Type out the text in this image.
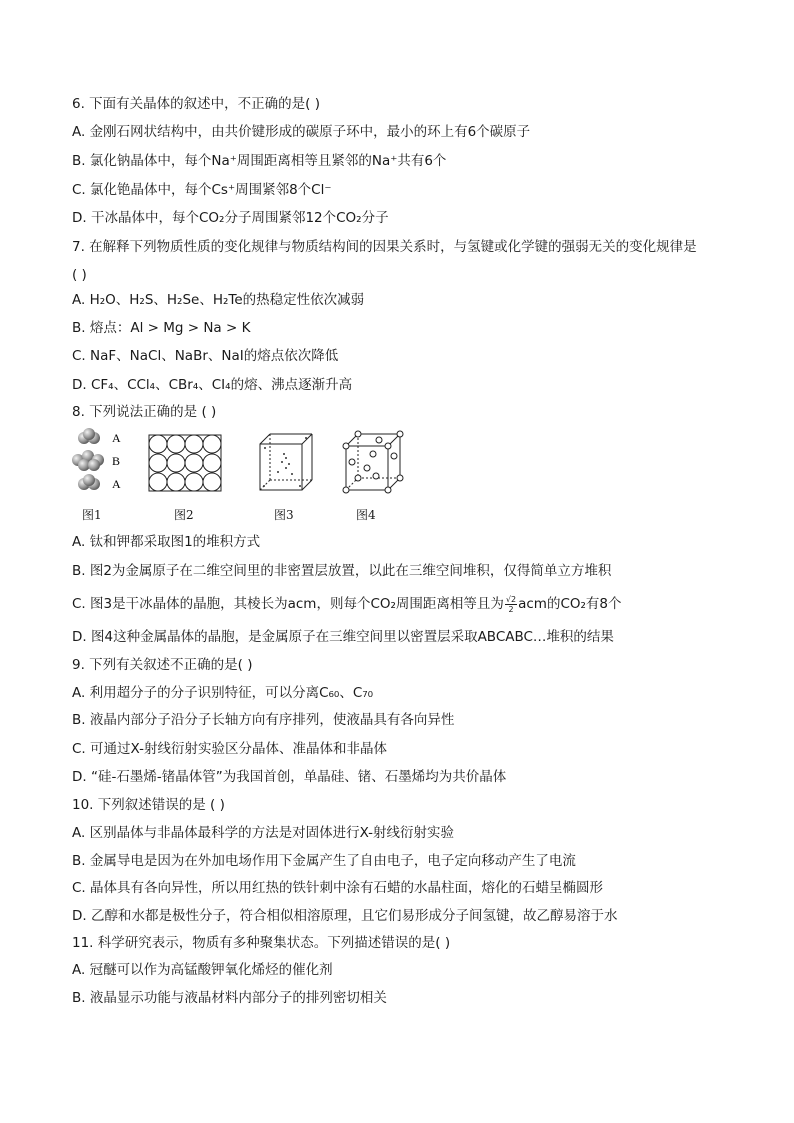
6. 下面有关晶体的叙述中，不正确的是( )
A. 金刚石网状结构中，由共价键形成的碳原子环中，最小的环上有6个碳原子
B. 氯化钠晶体中，每个Na⁺周围距离相等且紧邻的Na⁺共有6个
C. 氯化铯晶体中，每个Cs⁺周围紧邻8个Cl⁻
D. 干冰晶体中，每个CO₂分子周围紧邻12个CO₂分子
7. 在解释下列物质性质的变化规律与物质结构间的因果关系时，与氢键或化学键的强弱无关的变化规律是
( )
A. H₂O、H₂S、H₂Se、H₂Te的热稳定性依次减弱
B. 熔点：Al > Mg > Na > K
C. NaF、NaCl、NaBr、NaI的熔点依次降低
D. CF₄、CCl₄、CBr₄、CI₄的熔、沸点逐渐升高
8. 下列说法正确的是 ( )
A
B
A
图1	图2	图3	图4
A. 钛和钾都采取图1的堆积方式
B. 图2为金属原子在二维空间里的非密置层放置，以此在三维空间堆积，仅得简单立方堆积
C. 图3是干冰晶体的晶胞，其棱长为acm，则每个CO₂周围距离相等且为 $\frac{√2}{2}$ acm的CO₂有8个
D. 图4这种金属晶体的晶胞，是金属原子在三维空间里以密置层采取ABCABC…堆积的结果
9. 下列有关叙述不正确的是( )
A. 利用超分子的分子识别特征，可以分离C₆₀、C₇₀
B. 液晶内部分子沿分子长轴方向有序排列，使液晶具有各向异性
C. 可通过X-射线衍射实验区分晶体、准晶体和非晶体
D. “硅-石墨烯-锗晶体管”为我国首创，单晶硅、锗、石墨烯均为共价晶体
10. 下列叙述错误的是 ( )
A. 区别晶体与非晶体最科学的方法是对固体进行X-射线衍射实验
B. 金属导电是因为在外加电场作用下金属产生了自由电子，电子定向移动产生了电流
C. 晶体具有各向异性，所以用红热的铁针刺中涂有石蜡的水晶柱面，熔化的石蜡呈椭圆形
D. 乙醇和水都是极性分子，符合相似相溶原理，且它们易形成分子间氢键，故乙醇易溶于水
11. 科学研究表示，物质有多种聚集状态。下列描述错误的是( )
A. 冠醚可以作为高锰酸钾氧化烯烃的催化剂
B. 液晶显示功能与液晶材料内部分子的排列密切相关
